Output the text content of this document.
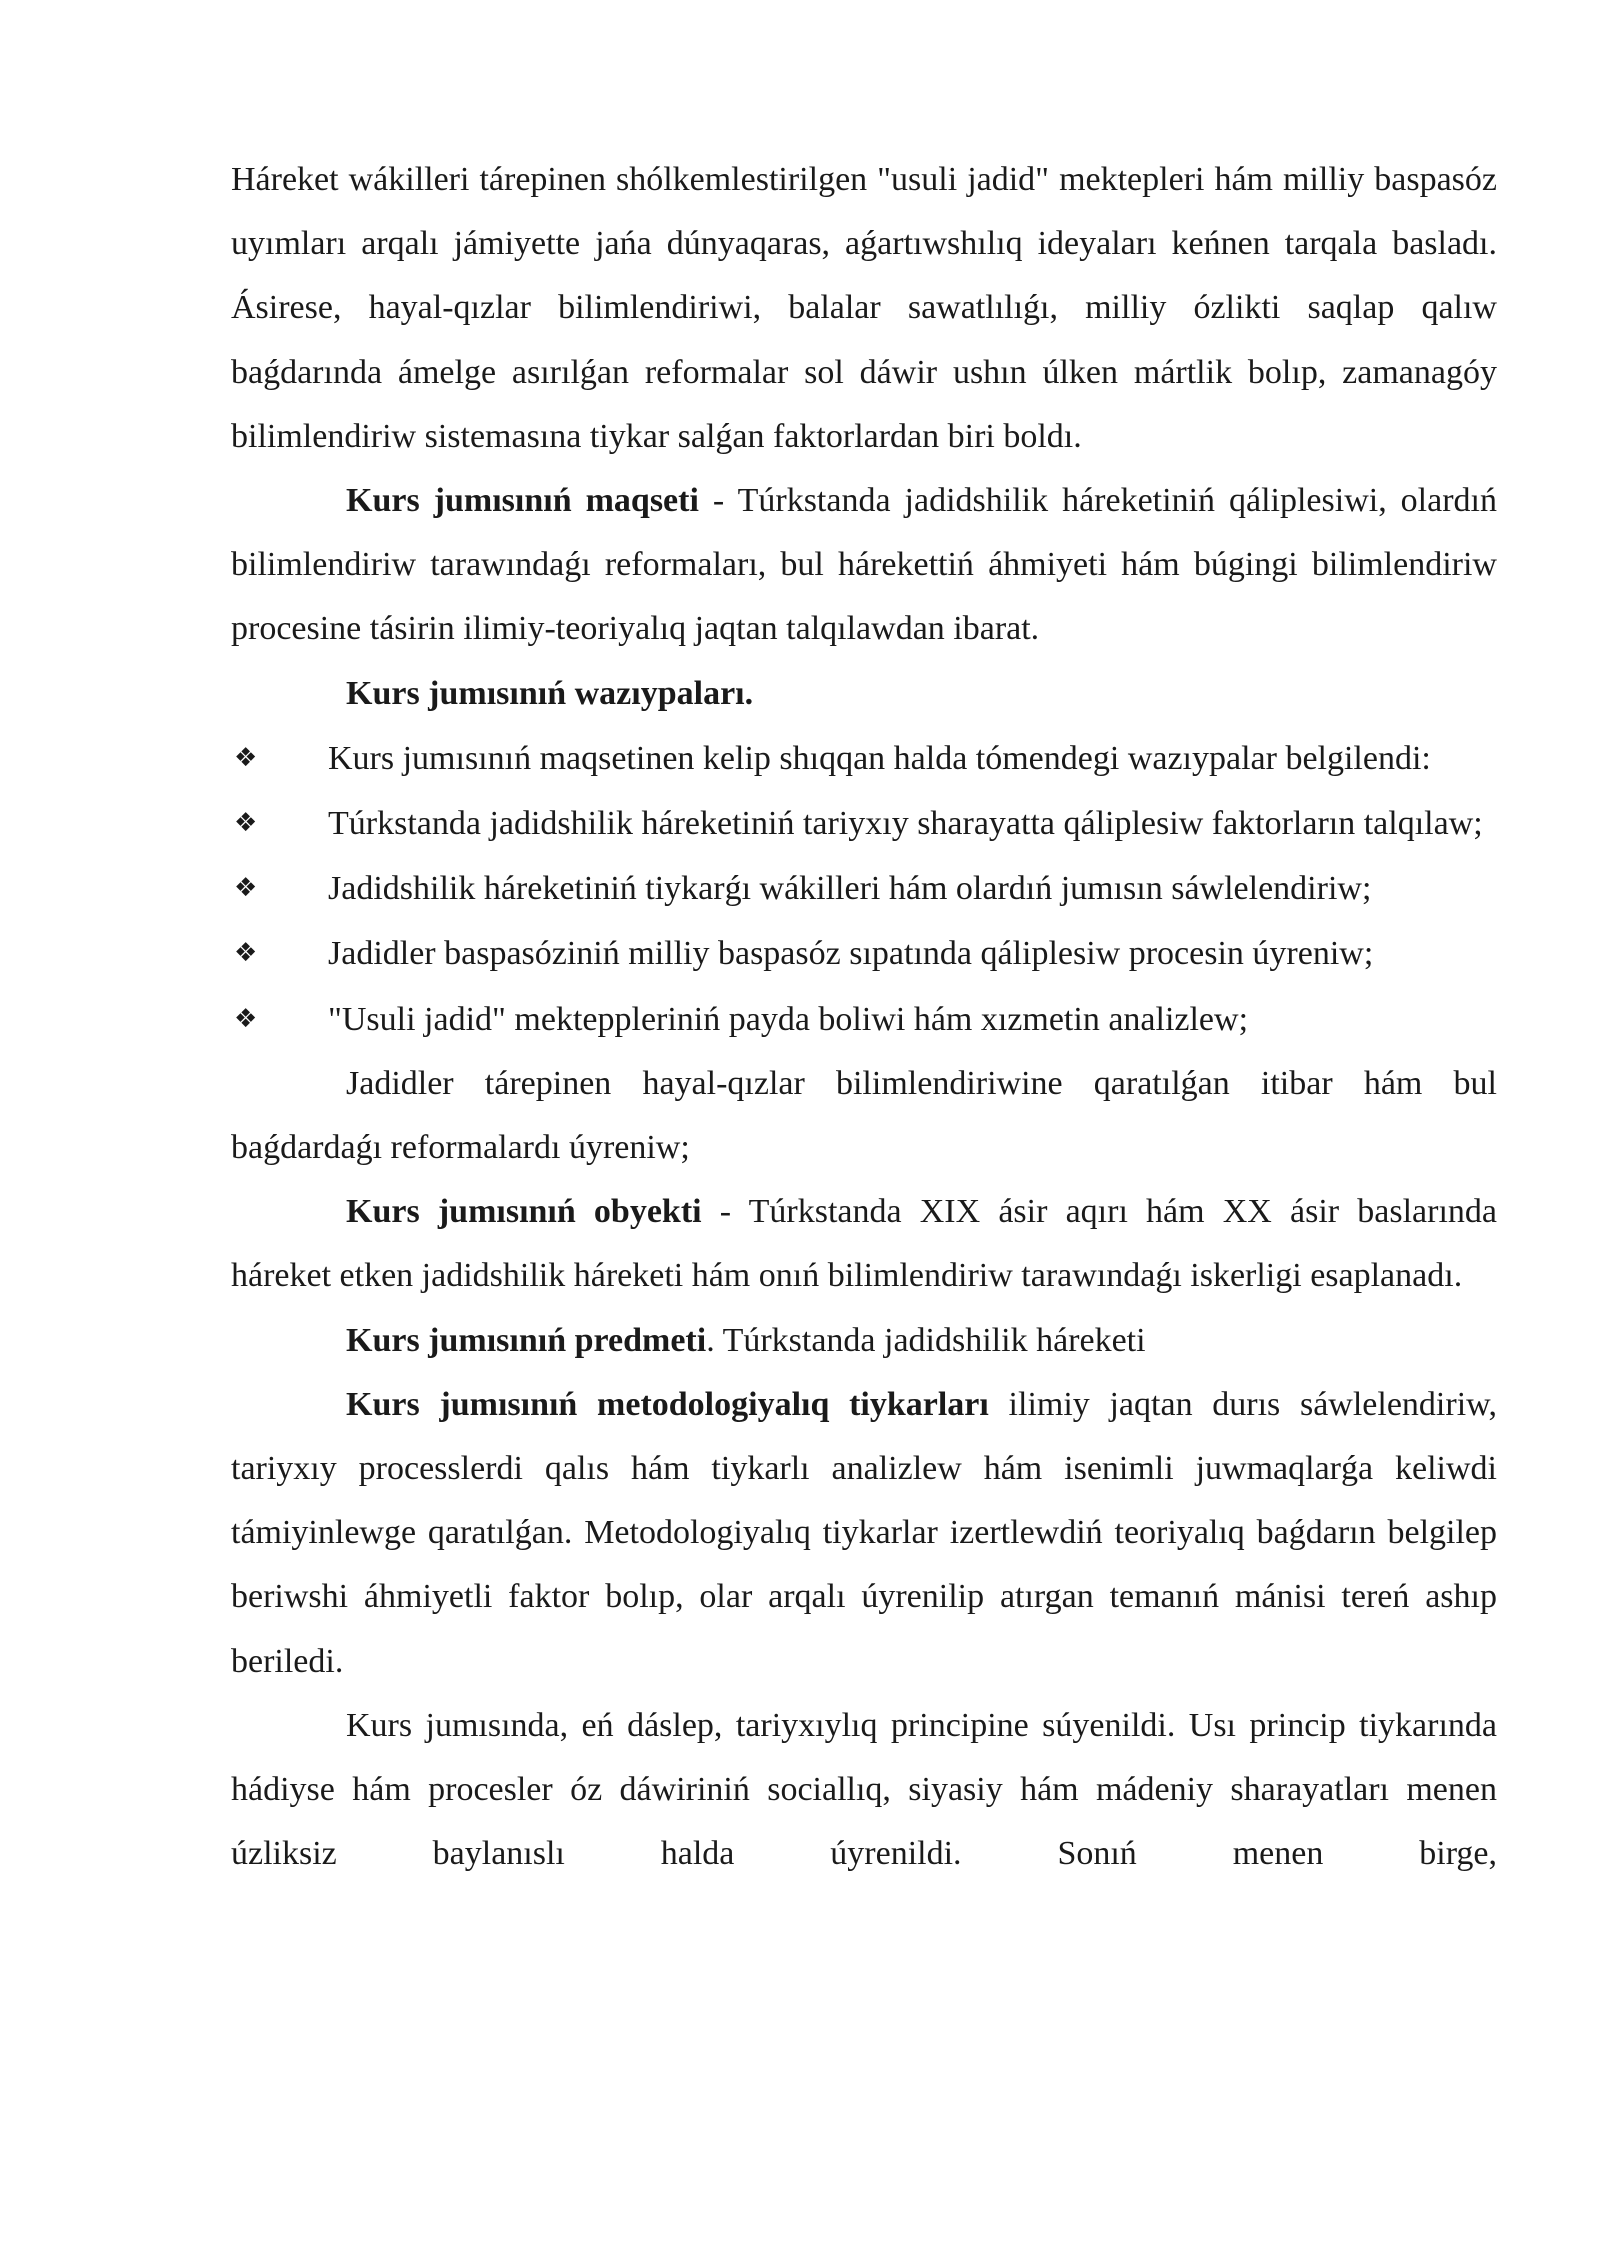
Háreket wákilleri tárepinen shólkemlestirilgen "usuli jadid" mektepleri hám milliy baspasóz uyımları arqalı jámiyette jańa dúnyaqaras, aǵartıwshılıq ideyaları keńnen tarqala basladı. Ásirese, hayal-qızlar bilimlendiriwi, balalar sawatlılıǵı, milliy ózlikti saqlap qalıw baǵdarında ámelge asırılǵan reformalar sol dáwir ushın úlken mártlik bolıp, zamanagóy bilimlendiriw sistemasına tiykar salǵan faktorlardan biri boldı.

Kurs jumısınıń maqseti - Túrkstanda jadidshilik háreketiniń qáliplesiwi, olardıń bilimlendiriw tarawındaǵı reformaları, bul hárekettiń áhmiyeti hám búgingi bilimlendiriw procesine tásirin ilimiy-teoriyalıq jaqtan talqılawdan ibarat.

Kurs jumısınıń wazıypaları.

❖ Kurs jumısınıń maqsetinen kelip shıqqan halda tómendegi wazıypalar belgilendi:

❖ Túrkstanda jadidshilik háreketiniń tariyxıy sharayatta qáliplesiw faktorların talqılaw;

❖ Jadidshilik háreketiniń tiykarǵı wákilleri hám olardıń jumısın sáwlelendiriw;

❖ Jadidler baspasóziniń milliy baspasóz sıpatında qáliplesiw procesin úyreniw;

❖ "Usuli jadid" mekteppleriniń payda boliwi hám xızmetin analizlew;

Jadidler tárepinen hayal-qızlar bilimlendiriwine qaratılǵan itibar hám bul baǵdardaǵı reformalardı úyreniw;

Kurs jumısınıń obyekti - Túrkstanda XIX ásir aqırı hám XX ásir baslarında háreket etken jadidshilik háreketi hám onıń bilimlendiriw tarawındaǵı iskerligi esaplanadı.

Kurs jumısınıń predmeti. Túrkstanda jadidshilik háreketi

Kurs jumısınıń metodologiyalıq tiykarları ilimiy jaqtan durıs sáwlelendiriw, tariyxıy processlerdi qalıs hám tiykarlı analizlew hám isenimli juwmaqlarǵa keliwdi támiyinlewge qaratılǵan. Metodologiyalıq tiykarlar izertlewdiń teoriyalıq baǵdarın belgilep beriwshi áhmiyetli faktor bolıp, olar arqalı úyrenilip atırgan temanıń mánisi tereń ashıp beriledi.

Kurs jumısında, eń dáslep, tariyxıylıq principine súyenildi. Usı princip tiykarında hádiyse hám procesler óz dáwiriniń sociallıq, siyasiy hám mádeniy sharayatları menen úzliksiz baylanıslı halda úyrenildi. Sonıń menen birge,
